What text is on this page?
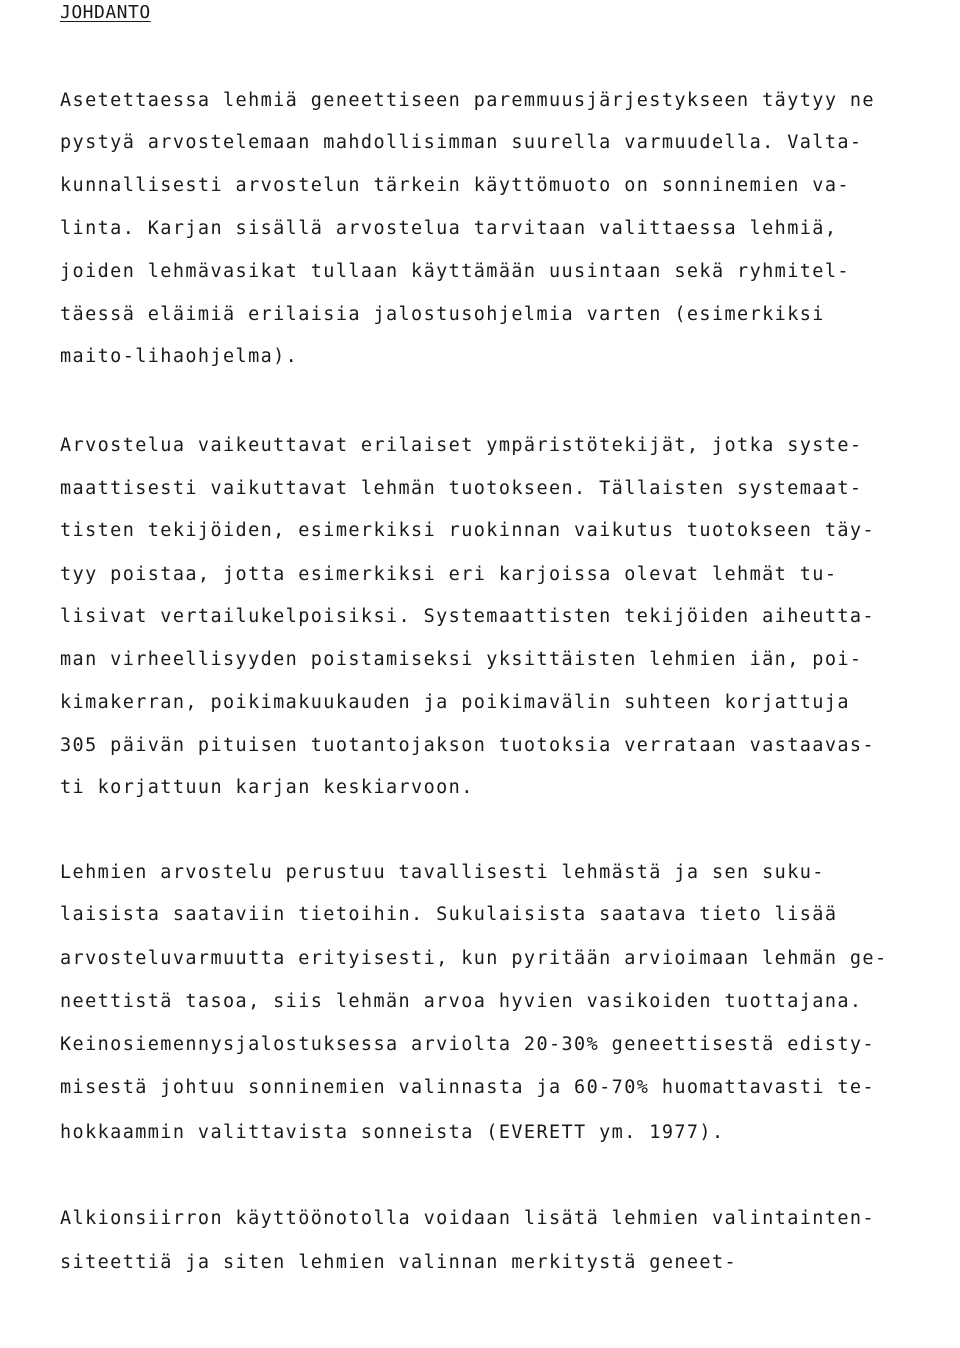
JOHDANTO
Asetettaessa lehmiä geneettiseen paremmuusjärjestykseen täytyy ne
pystyä arvostelemaan mahdollisimman suurella varmuudella. Valta-
kunnallisesti arvostelun tärkein käyttömuoto on sonninemien va-
linta. Karjan sisällä arvostelua tarvitaan valittaessa lehmiä,
joiden lehmävasikat tullaan käyttämään uusintaan sekä ryhmitel-
täessä eläimiä erilaisia jalostusohjelmia varten (esimerkiksi
maito-lihaohjelma).
Arvostelua vaikeuttavat erilaiset ympäristötekijät, jotka syste-
maattisesti vaikuttavat lehmän tuotokseen. Tällaisten systemaat-
tisten tekijöiden, esimerkiksi ruokinnan vaikutus tuotokseen täy-
tyy poistaa, jotta esimerkiksi eri karjoissa olevat lehmät tu-
lisivat vertailukelpoisiksi. Systemaattisten tekijöiden aiheutta-
man virheellisyyden poistamiseksi yksittäisten lehmien iän, poi-
kimakerran, poikimakuukauden ja poikimavälin suhteen korjattuja
305 päivän pituisen tuotantojakson tuotoksia verrataan vastaavas-
ti korjattuun karjan keskiarvoon.
Lehmien arvostelu perustuu tavallisesti lehmästä ja sen suku-
laisista saataviin tietoihin. Sukulaisista saatava tieto lisää
arvosteluvarmuutta erityisesti, kun pyritään arvioimaan lehmän ge-
neettistä tasoa, siis lehmän arvoa hyvien vasikoiden tuottajana.
Keinosiemennysjalostuksessa arviolta 20-30% geneettisestä edisty-
misestä johtuu sonninemien valinnasta ja 60-70% huomattavasti te-
hokkaammin valittavista sonneista (EVERETT ym. 1977).
Alkionsiirron käyttöönotolla voidaan lisätä lehmien valintainten-
siteettiä ja siten lehmien valinnan merkitystä geneet-
